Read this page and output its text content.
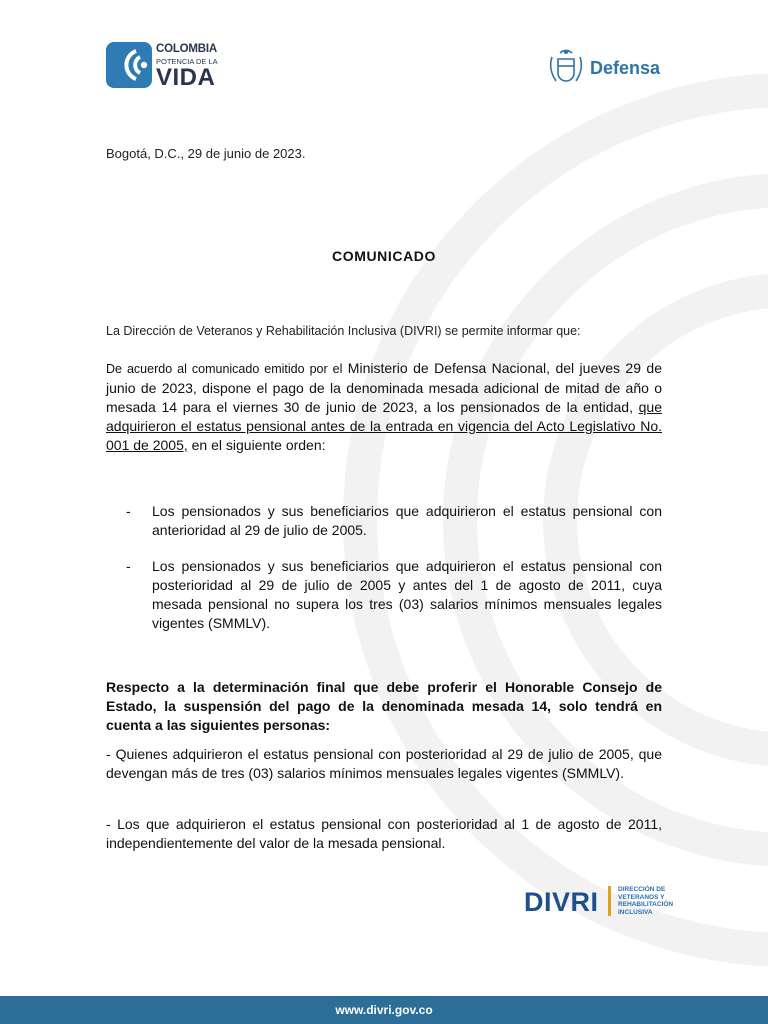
COLOMBIA
POTENCIA DE LA
VIDA	Defensa
Bogotá, D.C., 29 de junio de 2023.
COMUNICADO
La Dirección de Veteranos y Rehabilitación Inclusiva (DIVRI) se permite informar que:
De acuerdo al comunicado emitido por el Ministerio de Defensa Nacional, del jueves 29 de junio de 2023, dispone el pago de la denominada mesada adicional de mitad de año o mesada 14 para el viernes 30 de junio de 2023, a los pensionados de la entidad, que adquirieron el estatus pensional antes de la entrada en vigencia del Acto Legislativo No. 001 de 2005, en el siguiente orden:
- Los pensionados y sus beneficiarios que adquirieron el estatus pensional con anterioridad al 29 de julio de 2005.
- Los pensionados y sus beneficiarios que adquirieron el estatus pensional con posterioridad al 29 de julio de 2005 y antes del 1 de agosto de 2011, cuya mesada pensional no supera los tres (03) salarios mínimos mensuales legales vigentes (SMMLV).
Respecto a la determinación final que debe proferir el Honorable Consejo de Estado, la suspensión del pago de la denominada mesada 14, solo tendrá en cuenta a las siguientes personas:
- Quienes adquirieron el estatus pensional con posterioridad al 29 de julio de 2005, que devengan más de tres (03) salarios mínimos mensuales legales vigentes (SMMLV).
- Los que adquirieron el estatus pensional con posterioridad al 1 de agosto de 2011, independientemente del valor de la mesada pensional.
DIVRI	DIRECCIÓN DE
VETERANOS Y
REHABILITACIÓN
INCLUSIVA
www.divri.gov.co
